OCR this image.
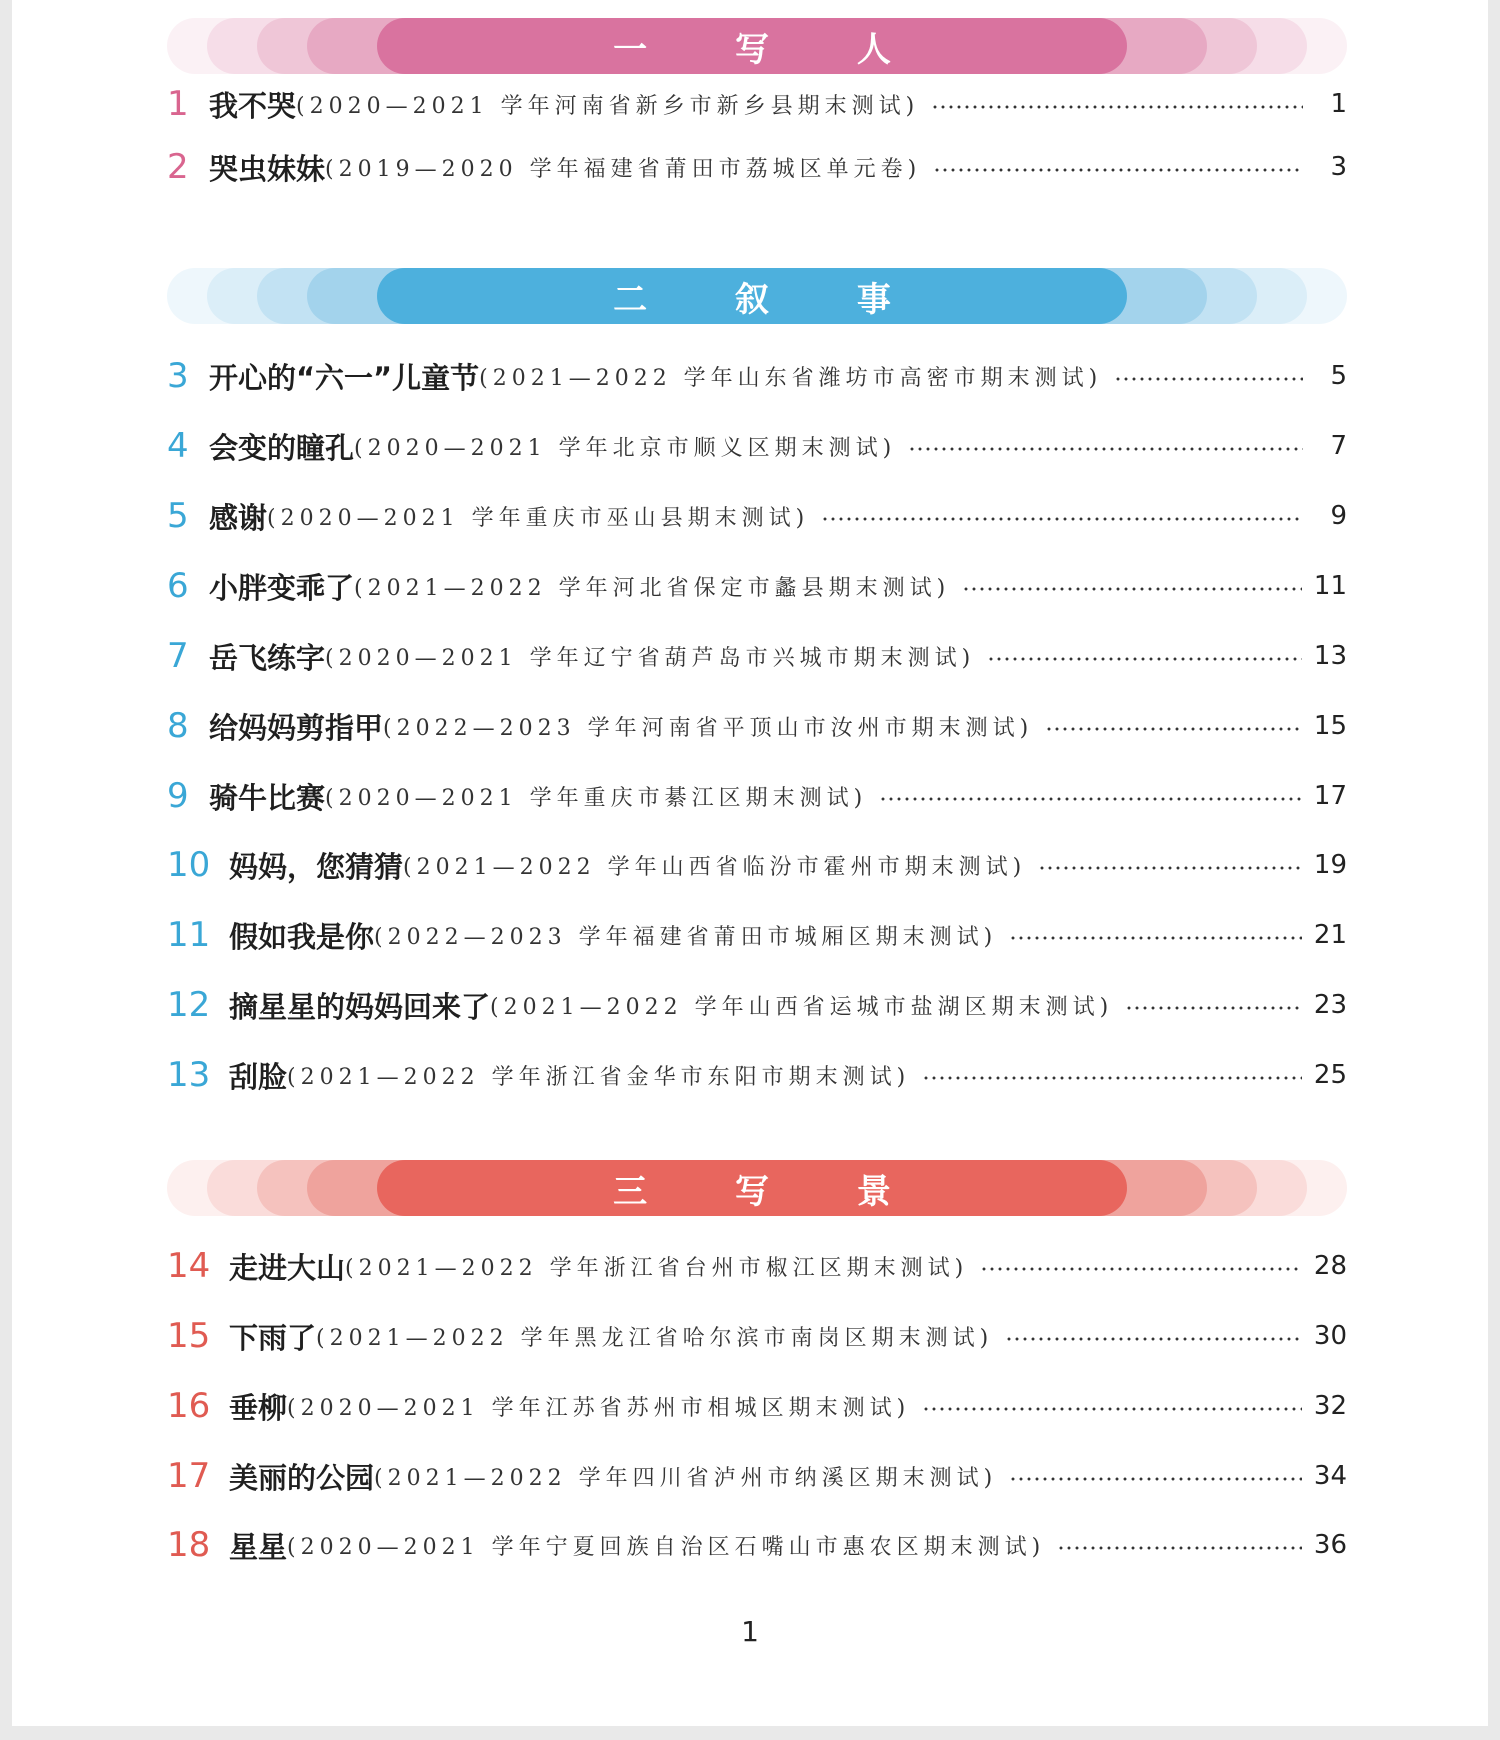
一 写 人
1 我不哭 (2020—2021 学年河南省新乡市新乡县期末测试)	1
2 哭虫妹妹 (2019—2020 学年福建省莆田市荔城区单元卷)	3
二 叙 事
3 开心的“六一”儿童节 (2021—2022 学年山东省潍坊市高密市期末测试)	5
4 会变的瞳孔 (2020—2021 学年北京市顺义区期末测试)	7
5 感谢 (2020—2021 学年重庆市巫山县期末测试)	9
6 小胖变乖了 (2021—2022 学年河北省保定市蠡县期末测试)	11
7 岳飞练字 (2020—2021 学年辽宁省葫芦岛市兴城市期末测试)	13
8 给妈妈剪指甲 (2022—2023 学年河南省平顶山市汝州市期末测试)	15
9 骑牛比赛 (2020—2021 学年重庆市綦江区期末测试)	17
10 妈妈，您猜猜 (2021—2022 学年山西省临汾市霍州市期末测试)	19
11 假如我是你 (2022—2023 学年福建省莆田市城厢区期末测试)	21
12 摘星星的妈妈回来了 (2021—2022 学年山西省运城市盐湖区期末测试)	23
13 刮脸 (2021—2022 学年浙江省金华市东阳市期末测试)	25
三 写 景
14 走进大山 (2021—2022 学年浙江省台州市椒江区期末测试)	28
15 下雨了 (2021—2022 学年黑龙江省哈尔滨市南岗区期末测试)	30
16 垂柳 (2020—2021 学年江苏省苏州市相城区期末测试)	32
17 美丽的公园 (2021—2022 学年四川省泸州市纳溪区期末测试)	34
18 星星 (2020—2021 学年宁夏回族自治区石嘴山市惠农区期末测试)	36
1
